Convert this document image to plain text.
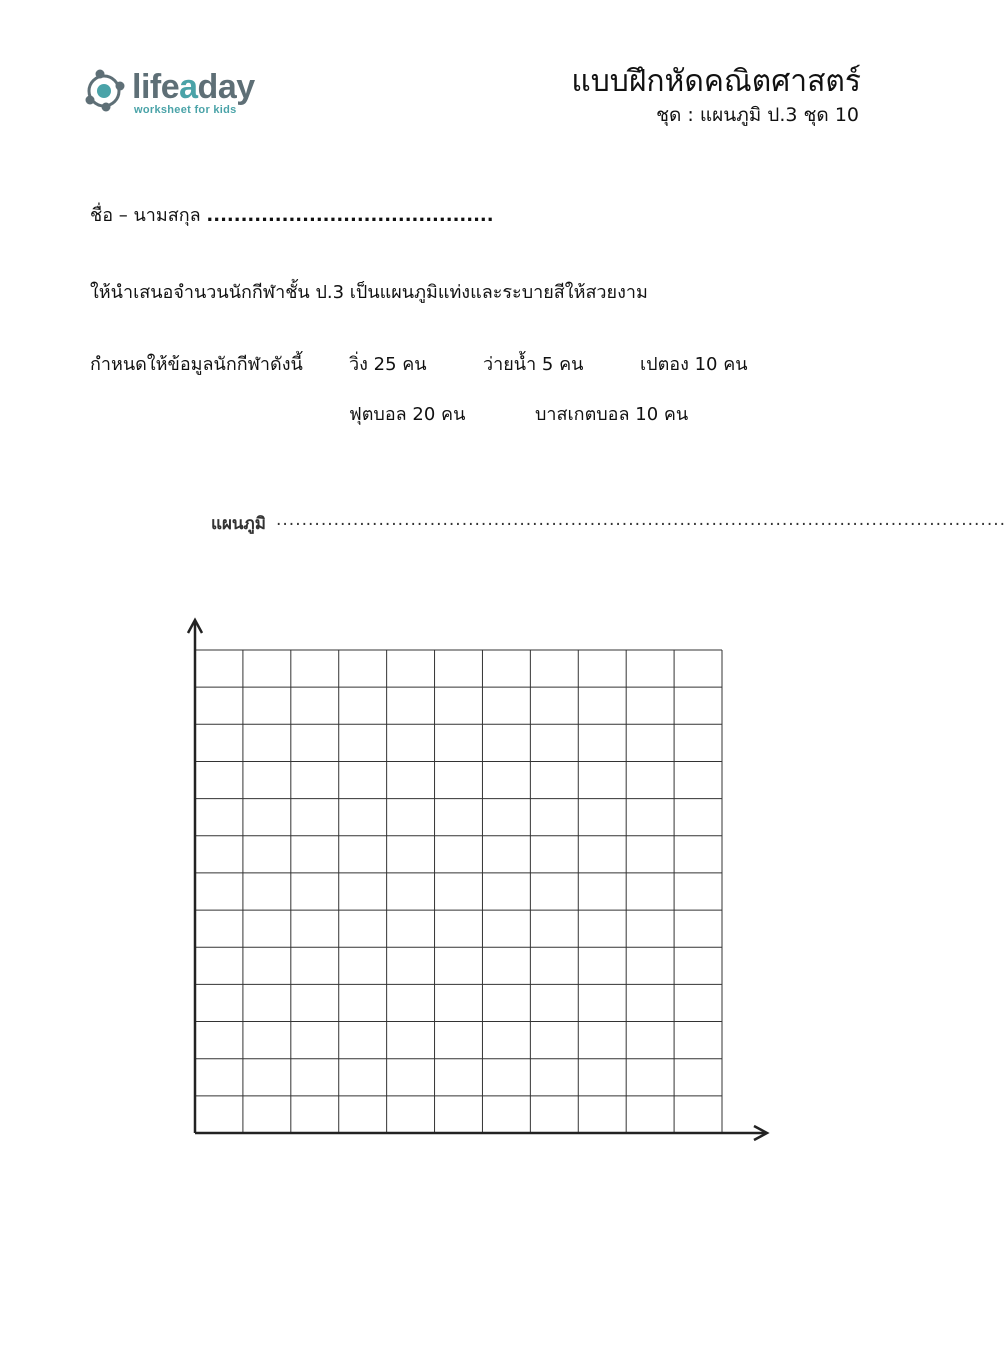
lifeaday
worksheet for kids
แบบฝึกหัดคณิตศาสตร์
ชุด : แผนภูมิ ป.3 ชุด 10
ชื่อ – นามสกุล ..........................................
ให้นำเสนอจำนวนนักกีฬาชั้น ป.3 เป็นแผนภูมิแท่งและระบายสีให้สวยงาม
กำหนดให้ข้อมูลนักกีฬาดังนี้	วิ่ง 25 คน	ว่ายน้ำ 5 คน	เปตอง 10 คน
ฟุตบอล 20 คน	บาสเกตบอล 10 คน
แผนภูมิ ..................................................................................................................
